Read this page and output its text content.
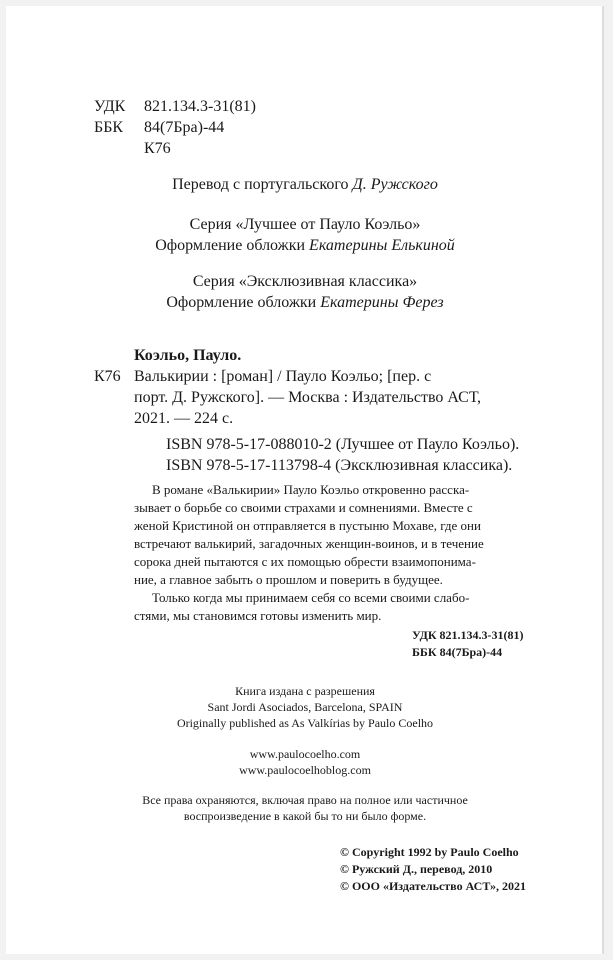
УДК 821.134.3-31(81)
ББК 84(7Бра)-44
К76
Перевод с португальского Д. Ружского
Серия «Лучшее от Пауло Коэльо»
Оформление обложки Екатерины Елькиной
Серия «Эксклюзивная классика»
Оформление обложки Екатерины Ферез
Коэльо, Пауло.
К76 Валькирии : [роман] / Пауло Коэльо; [пер. с
порт. Д. Ружского]. — Москва : Издательство АСТ,
2021. — 224 с.
ISBN 978-5-17-088010-2 (Лучшее от Пауло Коэльо).
ISBN 978-5-17-113798-4 (Эксклюзивная классика).
В романе «Валькирии» Пауло Коэльо откровенно расска-
зывает о борьбе со своими страхами и сомнениями. Вместе с
женой Кристиной он отправляется в пустыню Мохаве, где они
встречают валькирий, загадочных женщин-воинов, и в течение
сорока дней пытаются с их помощью обрести взаимопонима-
ние, а главное забыть о прошлом и поверить в будущее.
Только когда мы принимаем себя со всеми своими слабо-
стями, мы становимся готовы изменить мир.
УДК 821.134.3-31(81)
ББК 84(7Бра)-44
Книга издана с разрешения
Sant Jordi Asociados, Barcelona, SPAIN
Originally published as As Valkírias by Paulo Coelho
www.paulocoelho.com
www.paulocoelhoblog.com
Все права охраняются, включая право на полное или частичное
воспроизведение в какой бы то ни было форме.
© Copyright 1992 by Paulo Coelho
© Ружский Д., перевод, 2010
© ООО «Издательство АСТ», 2021
